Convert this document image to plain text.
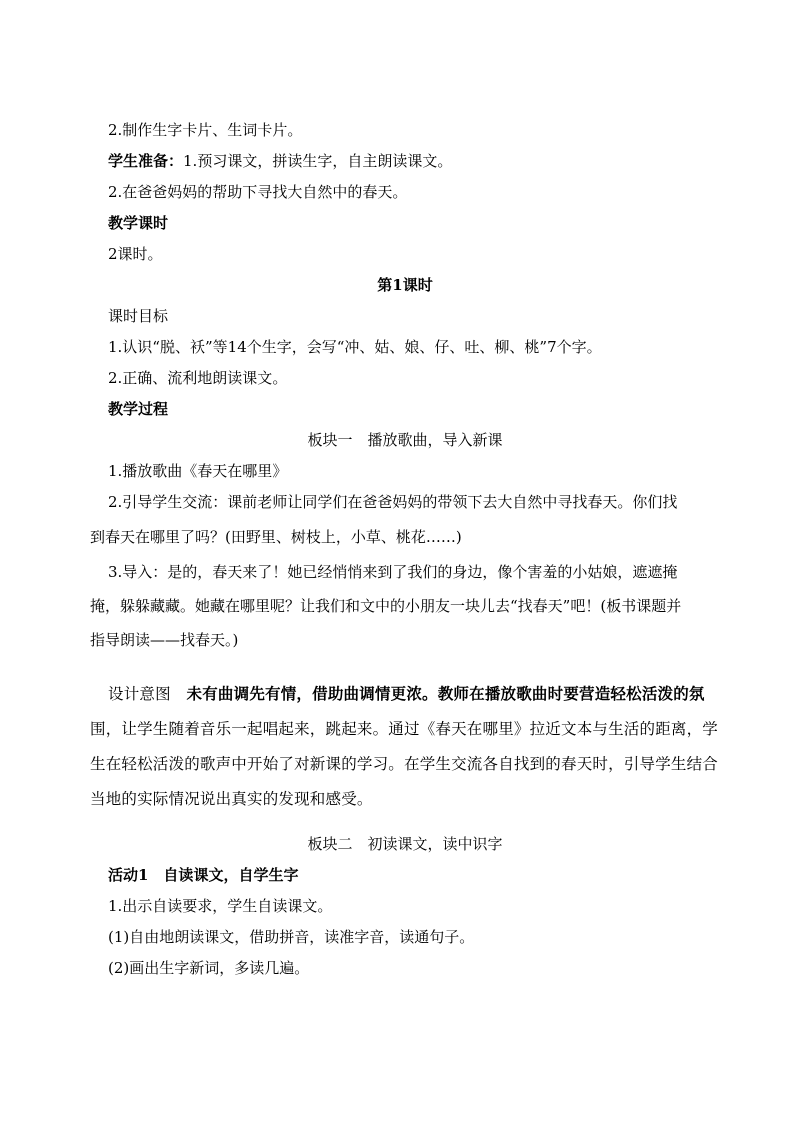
2.制作生字卡片、生词卡片。
学生准备：1.预习课文，拼读生字，自主朗读课文。
2.在爸爸妈妈的帮助下寻找大自然中的春天。
教学课时
2课时。
第1课时
课时目标
1.认识“脱、袄”等14个生字，会写“冲、姑、娘、仔、吐、柳、桃”7个字。
2.正确、流利地朗读课文。
教学过程
板块一　播放歌曲，导入新课
1.播放歌曲《春天在哪里》
2.引导学生交流：课前老师让同学们在爸爸妈妈的带领下去大自然中寻找春天。你们找
到春天在哪里了吗？(田野里、树枝上，小草、桃花……)
3.导入：是的，春天来了！她已经悄悄来到了我们的身边，像个害羞的小姑娘，遮遮掩
掩，躲躲藏藏。她藏在哪里呢？让我们和文中的小朋友一块儿去“找春天”吧！(板书课题并
指导朗读——找春天。)
设计意图　未有曲调先有情，借助曲调情更浓。教师在播放歌曲时要营造轻松活泼的氛
围，让学生随着音乐一起唱起来，跳起来。通过《春天在哪里》拉近文本与生活的距离，学
生在轻松活泼的歌声中开始了对新课的学习。在学生交流各自找到的春天时，引导学生结合
当地的实际情况说出真实的发现和感受。
板块二　初读课文，读中识字
活动1　自读课文，自学生字
1.出示自读要求，学生自读课文。
(1)自由地朗读课文，借助拼音，读准字音，读通句子。
(2)画出生字新词，多读几遍。
